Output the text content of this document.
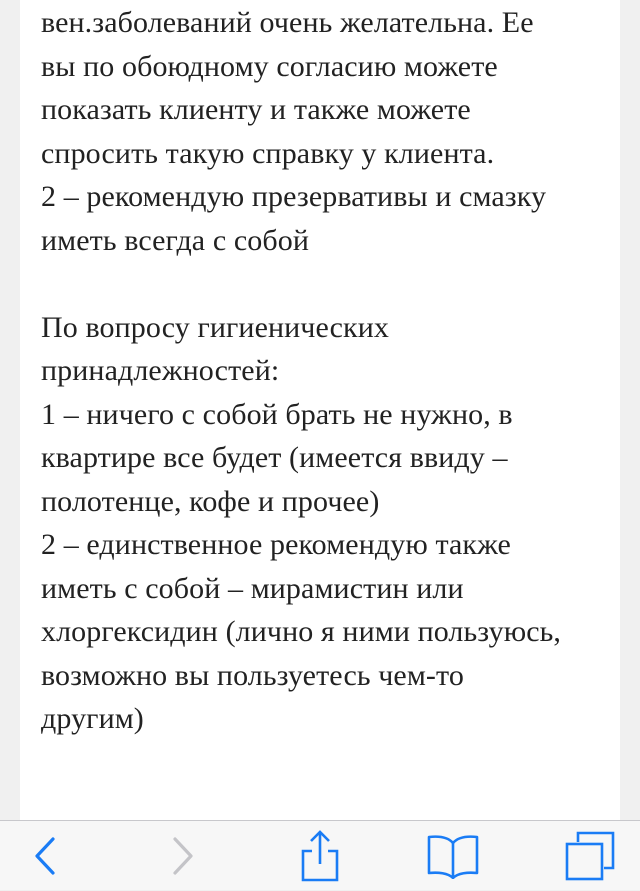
вен.заболеваний очень желательна. Ее
вы по обоюдному согласию можете
показать клиенту и также можете
спросить такую справку у клиента.
2 – рекомендую презервативы и смазку
иметь всегда с собой
По вопросу гигиенических
принадлежностей:
1 – ничего с собой брать не нужно, в
квартире все будет (имеется ввиду –
полотенце, кофе и прочее)
2 – единственное рекомендую также
иметь с собой – мирамистин или
хлоргексидин (лично я ними пользуюсь,
возможно вы пользуетесь чем-то
другим)
